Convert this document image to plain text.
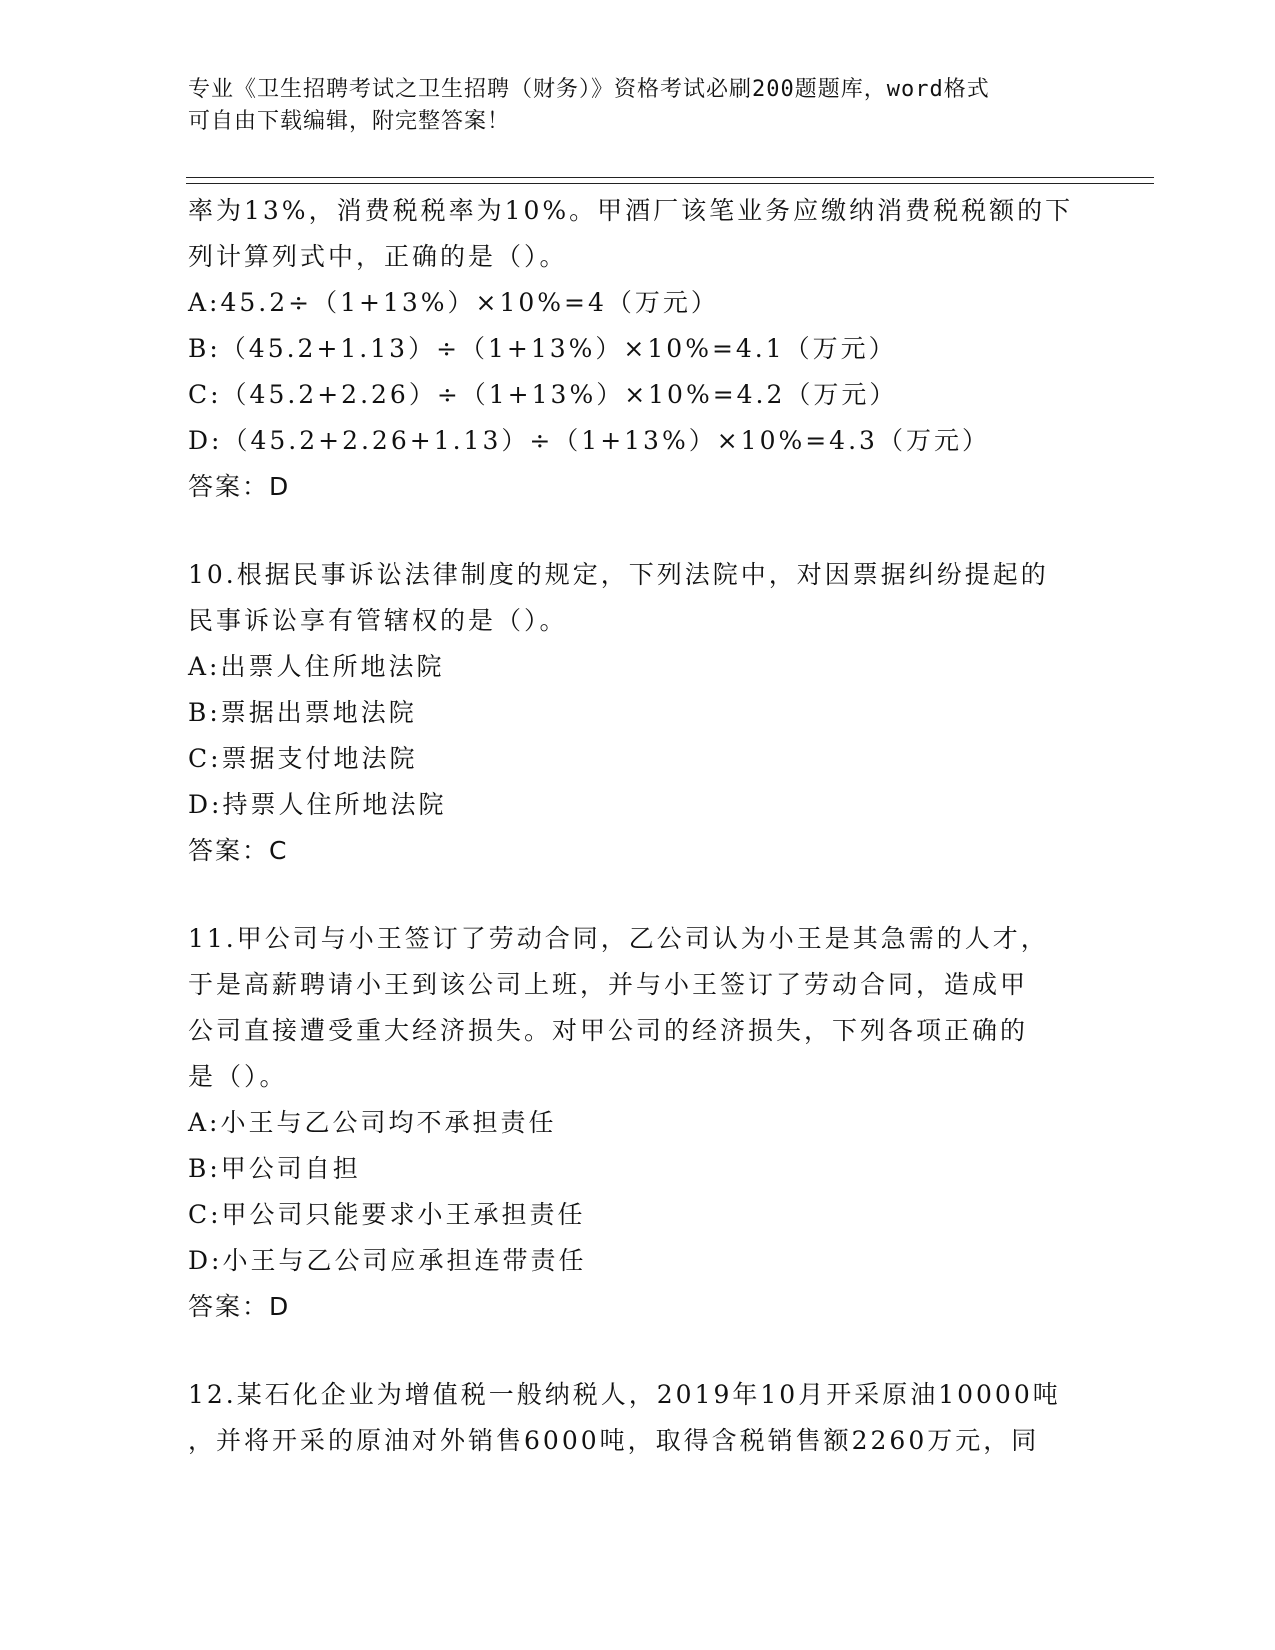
专业《卫生招聘考试之卫生招聘（财务）》资格考试必刷200题题库，word格式
可自由下载编辑，附完整答案！
率为13%，消费税税率为10%。甲酒厂该笔业务应缴纳消费税税额的下
列计算列式中，正确的是（）。
A:45.2÷（1+13%）×10%=4（万元）
B:（45.2+1.13）÷（1+13%）×10%=4.1（万元）
C:（45.2+2.26）÷（1+13%）×10%=4.2（万元）
D:（45.2+2.26+1.13）÷（1+13%）×10%=4.3（万元）
答案：D
10.根据民事诉讼法律制度的规定，下列法院中，对因票据纠纷提起的
民事诉讼享有管辖权的是（）。
A:出票人住所地法院
B:票据出票地法院
C:票据支付地法院
D:持票人住所地法院
答案：C
11.甲公司与小王签订了劳动合同，乙公司认为小王是其急需的人才，
于是高薪聘请小王到该公司上班，并与小王签订了劳动合同，造成甲
公司直接遭受重大经济损失。对甲公司的经济损失，下列各项正确的
是（）。
A:小王与乙公司均不承担责任
B:甲公司自担
C:甲公司只能要求小王承担责任
D:小王与乙公司应承担连带责任
答案：D
12.某石化企业为增值税一般纳税人，2019年10月开采原油10000吨
，并将开采的原油对外销售6000吨，取得含税销售额2260万元，同
